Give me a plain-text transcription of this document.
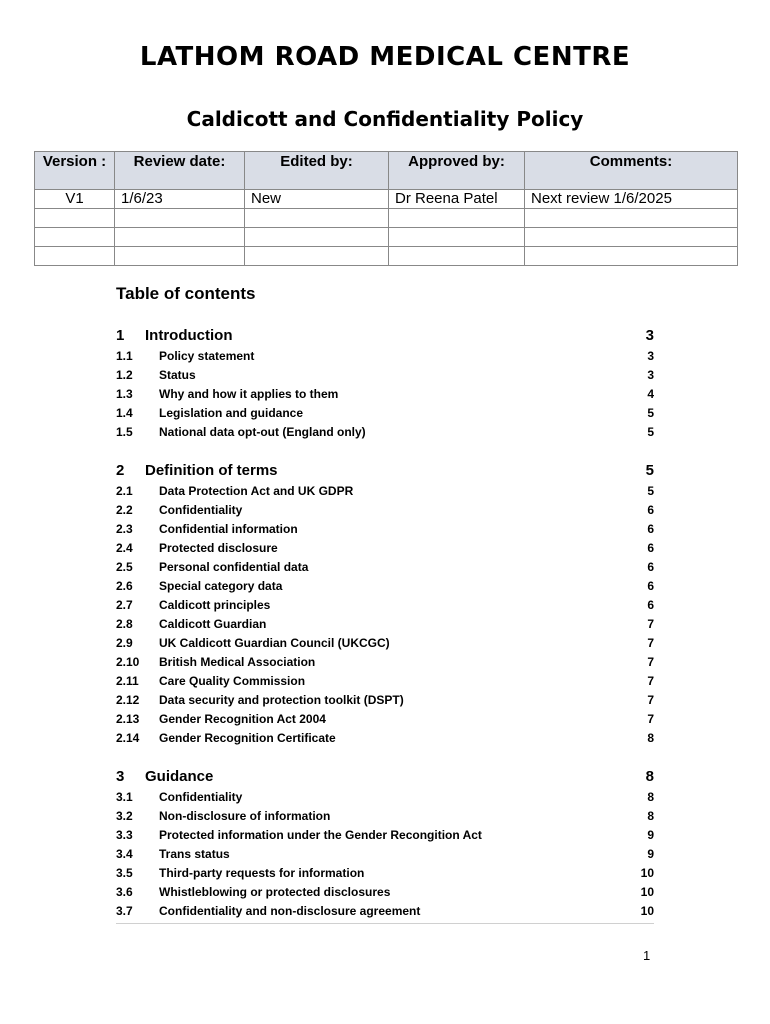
LATHOM ROAD MEDICAL CENTRE
Caldicott and Confidentiality Policy
Version :	Review date:	Edited by:	Approved by:	Comments:
V1	1/6/23	New	Dr Reena Patel	Next review 1/6/2025

Table of contents
1	Introduction	3
1.1	Policy statement	3
1.2	Status	3
1.3	Why and how it applies to them	4
1.4	Legislation and guidance	5
1.5	National data opt-out (England only)	5
2	Definition of terms	5
2.1	Data Protection Act and UK GDPR	5
2.2	Confidentiality	6
2.3	Confidential information	6
2.4	Protected disclosure	6
2.5	Personal confidential data	6
2.6	Special category data	6
2.7	Caldicott principles	6
2.8	Caldicott Guardian	7
2.9	UK Caldicott Guardian Council (UKCGC)	7
2.10	British Medical Association	7
2.11	Care Quality Commission	7
2.12	Data security and protection toolkit (DSPT)	7
2.13	Gender Recognition Act 2004	7
2.14	Gender Recognition Certificate	8
3	Guidance	8
3.1	Confidentiality	8
3.2	Non-disclosure of information	8
3.3	Protected information under the Gender Recongition Act	9
3.4	Trans status	9
3.5	Third-party requests for information	10
3.6	Whistleblowing or protected disclosures	10
3.7	Confidentiality and non-disclosure agreement	10
1
